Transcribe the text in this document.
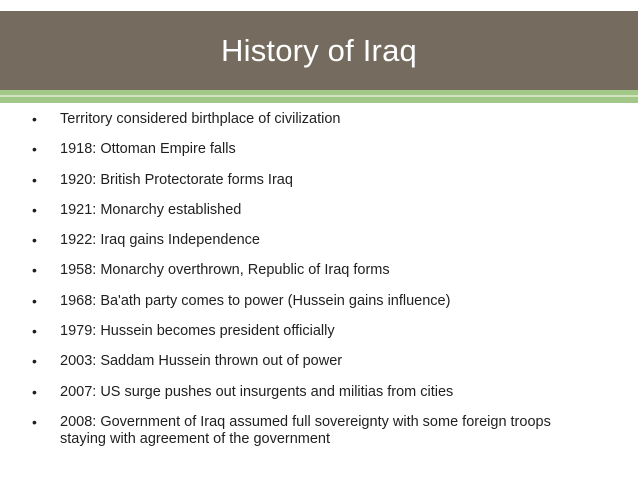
History of Iraq
• Territory considered birthplace of civilization
• 1918: Ottoman Empire falls
• 1920: British Protectorate forms Iraq
• 1921: Monarchy established
• 1922: Iraq gains Independence
• 1958: Monarchy overthrown, Republic of Iraq forms
• 1968: Ba'ath party comes to power (Hussein gains influence)
• 1979: Hussein becomes president officially
• 2003: Saddam Hussein thrown out of power
• 2007: US surge pushes out insurgents and militias from cities
• 2008: Government of Iraq assumed full sovereignty with some foreign troops staying with agreement of the government
